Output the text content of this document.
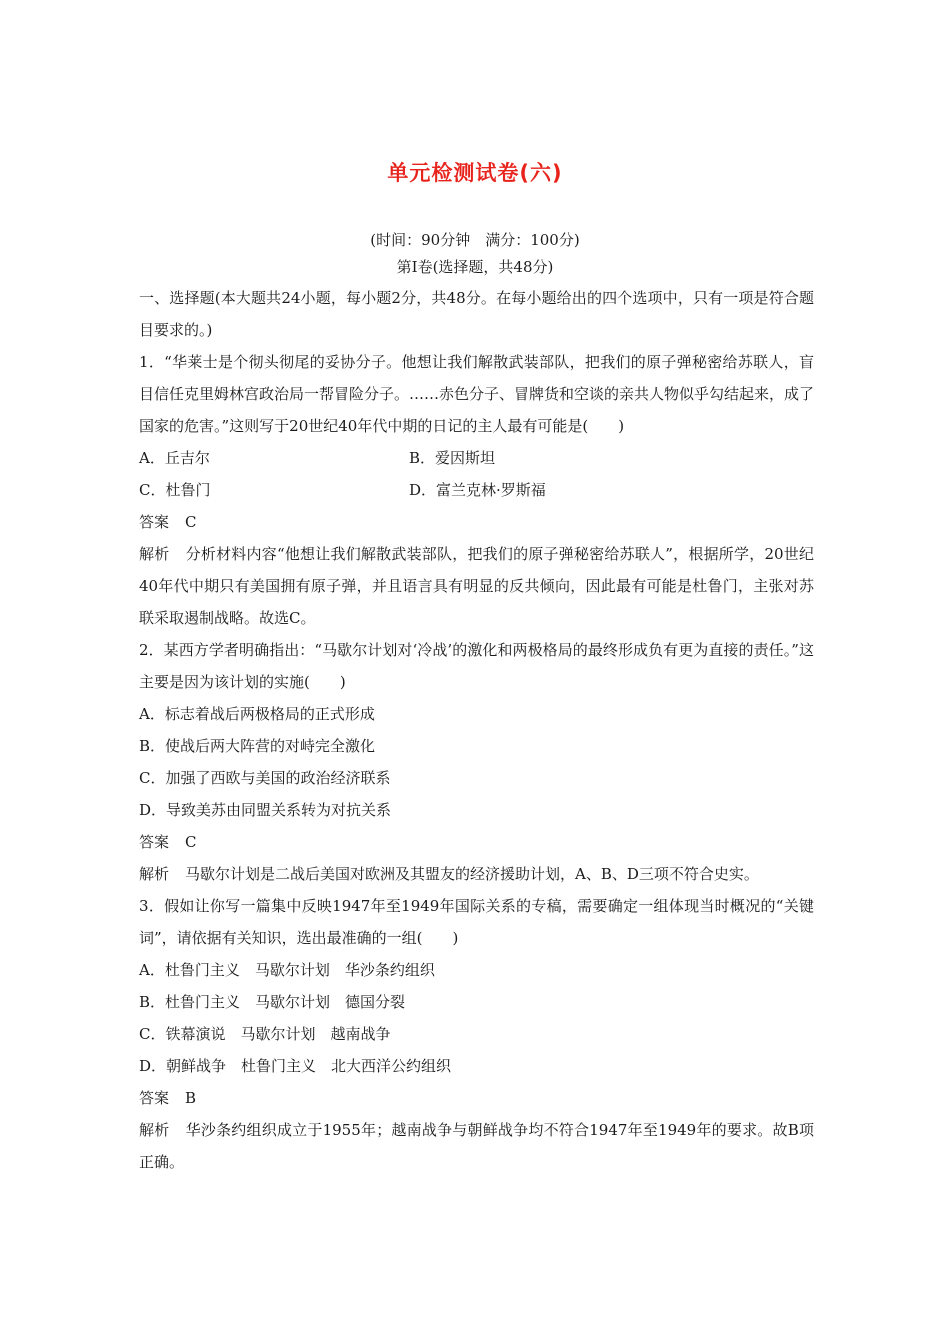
单元检测试卷(六)
(时间：90分钟　满分：100分)
第Ⅰ卷(选择题，共48分)

一、选择题(本大题共24小题，每小题2分，共48分。在每小题给出的四个选项中，只有一项是符合题目要求的。)

1．“华莱士是个彻头彻尾的妥协分子。他想让我们解散武装部队，把我们的原子弹秘密给苏联人，盲目信任克里姆林宫政治局一帮冒险分子。……赤色分子、冒牌货和空谈的亲共人物似乎勾结起来，成了国家的危害。”这则写于20世纪40年代中期的日记的主人最有可能是(　　)

A．丘吉尔	B．爱因斯坦
C．杜鲁门	D．富兰克林·罗斯福

答案 C

解析 分析材料内容“他想让我们解散武装部队，把我们的原子弹秘密给苏联人”，根据所学，20世纪40年代中期只有美国拥有原子弹，并且语言具有明显的反共倾向，因此最有可能是杜鲁门，主张对苏联采取遏制战略。故选C。

2．某西方学者明确指出：“马歇尔计划对‘冷战’的激化和两极格局的最终形成负有更为直接的责任。”这主要是因为该计划的实施(　　)

A．标志着战后两极格局的正式形成
B．使战后两大阵营的对峙完全激化
C．加强了西欧与美国的政治经济联系
D．导致美苏由同盟关系转为对抗关系

答案 C

解析 马歇尔计划是二战后美国对欧洲及其盟友的经济援助计划，A、B、D三项不符合史实。

3．假如让你写一篇集中反映1947年至1949年国际关系的专稿，需要确定一组体现当时概况的“关键词”，请依据有关知识，选出最准确的一组(　　)

A．杜鲁门主义　马歇尔计划　华沙条约组织
B．杜鲁门主义　马歇尔计划　德国分裂
C．铁幕演说　马歇尔计划　越南战争
D．朝鲜战争　杜鲁门主义　北大西洋公约组织

答案 B

解析 华沙条约组织成立于1955年；越南战争与朝鲜战争均不符合1947年至1949年的要求。故B项正确。
